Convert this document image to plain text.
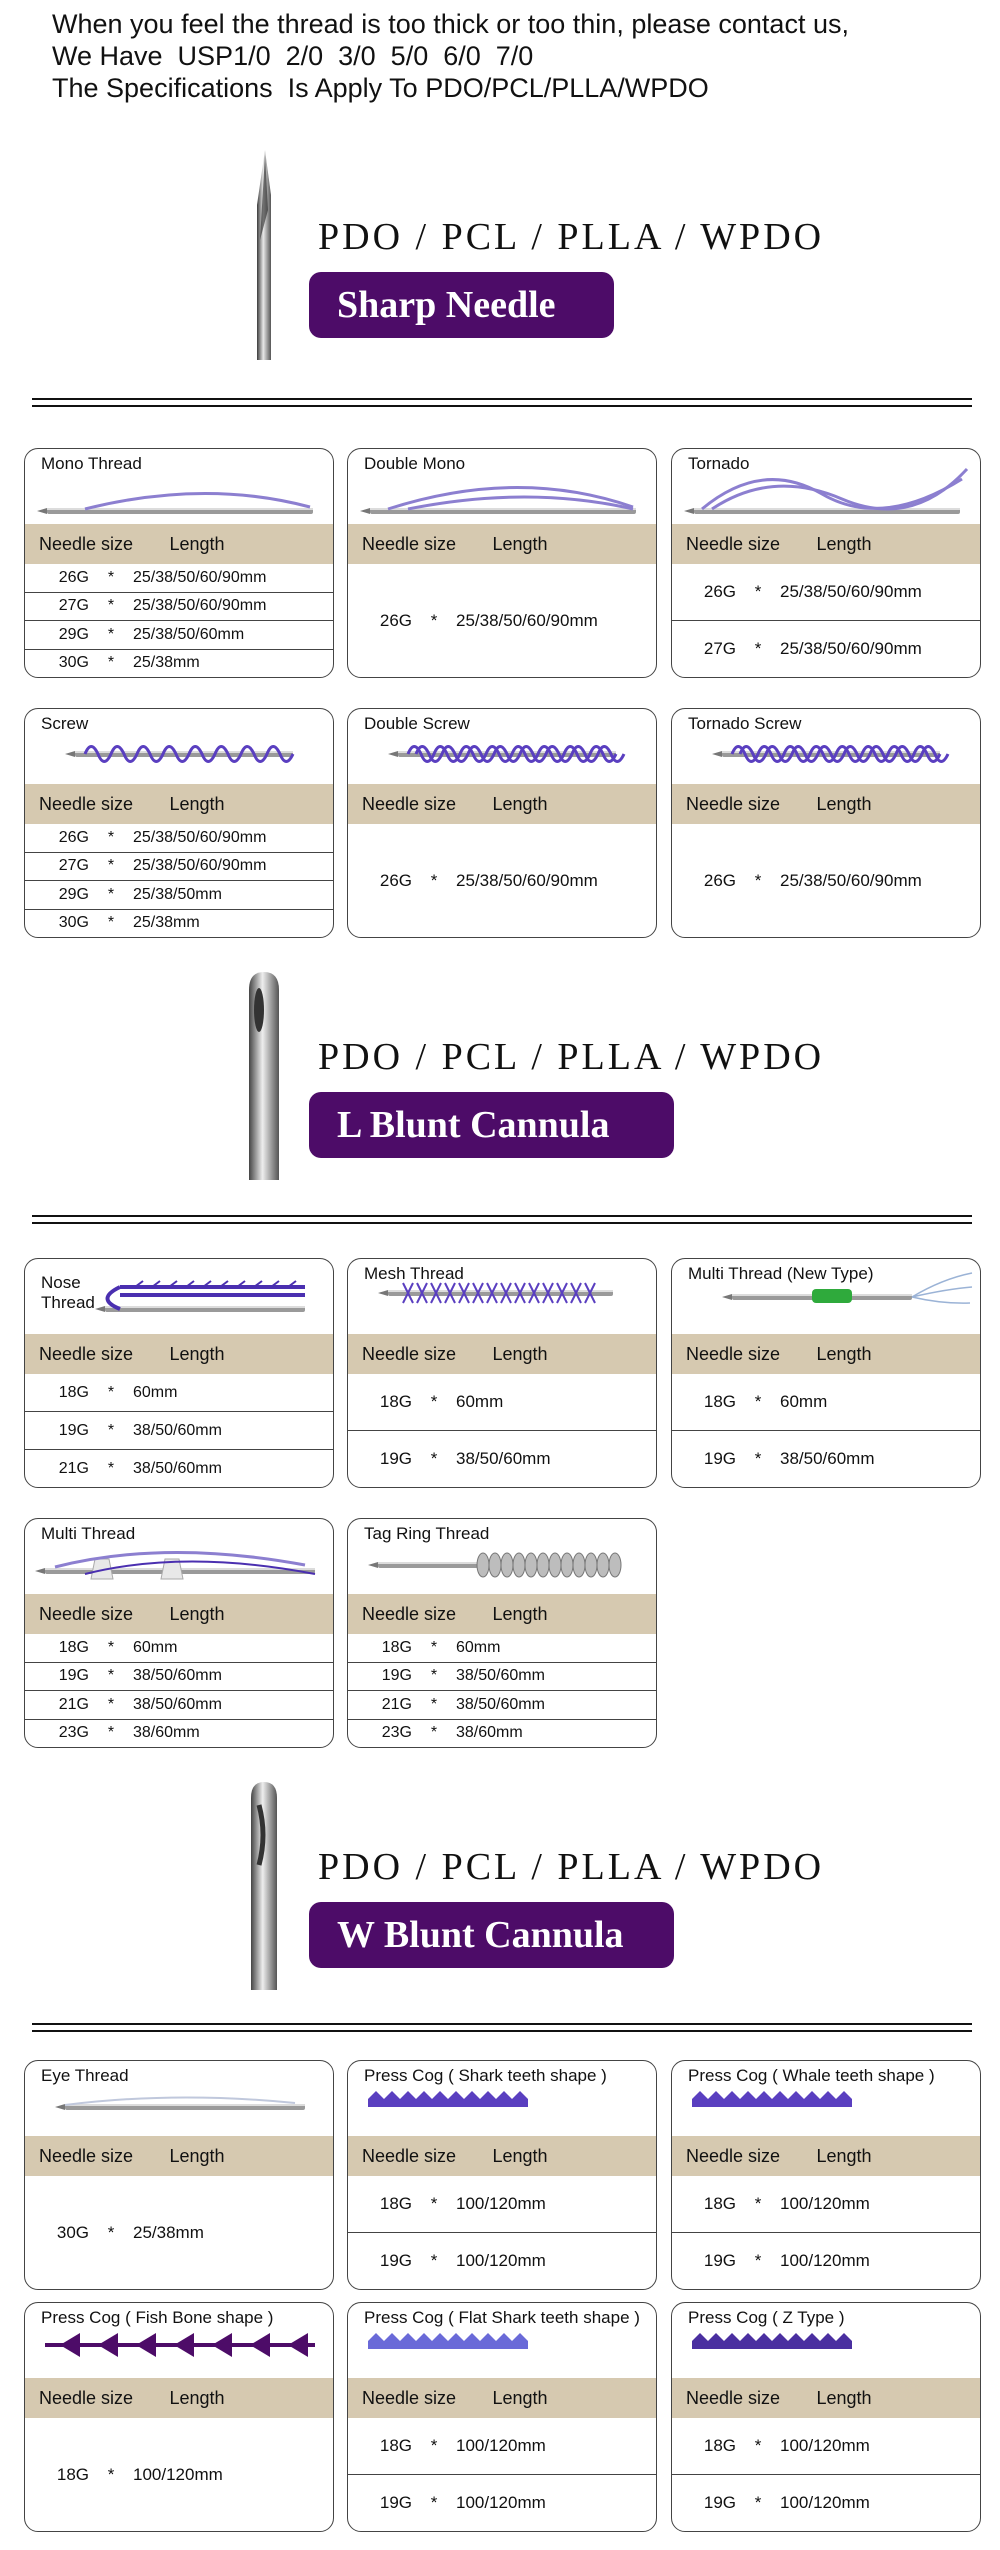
When you feel the thread is too thick or too thin, please contact us,
We Have  USP1/0  2/0  3/0  5/0  6/0  7/0
The Specifications  Is Apply To PDO/PCL/PLLA/WPDO
PDO / PCL / PLLA / WPDO
Sharp Needle
Mono Thread
Needle size Length
26G	*	25/38/50/60/90mm
27G	*	25/38/50/60/90mm
29G	*	25/38/50/60mm
30G	*	25/38mm
Double Mono
Needle size Length
26G	*	25/38/50/60/90mm
Tornado
Needle size Length
26G	*	25/38/50/60/90mm
27G	*	25/38/50/60/90mm
Screw
Needle size Length
26G	*	25/38/50/60/90mm
27G	*	25/38/50/60/90mm
29G	*	25/38/50mm
30G	*	25/38mm
Double Screw
Needle size Length
26G	*	25/38/50/60/90mm
Tornado Screw
Needle size Length
26G	*	25/38/50/60/90mm
PDO / PCL / PLLA / WPDO
L Blunt Cannula
Nose Thread
Needle size Length
18G	*	60mm
19G	*	38/50/60mm
21G	*	38/50/60mm
Mesh Thread
Needle size Length
18G	*	60mm
19G	*	38/50/60mm
Multi Thread (New Type)
Needle size Length
18G	*	60mm
19G	*	38/50/60mm
Multi Thread
Needle size Length
18G	*	60mm
19G	*	38/50/60mm
21G	*	38/50/60mm
23G	*	38/60mm
Tag Ring Thread
Needle size Length
18G	*	60mm
19G	*	38/50/60mm
21G	*	38/50/60mm
23G	*	38/60mm
PDO / PCL / PLLA / WPDO
W Blunt Cannula
Eye Thread
Needle size Length
30G	*	25/38mm
Press Cog ( Shark teeth shape )
Needle size Length
18G	*	100/120mm
19G	*	100/120mm
Press Cog ( Whale teeth shape )
Needle size Length
18G	*	100/120mm
19G	*	100/120mm
Press Cog ( Fish Bone shape )
Needle size Length
18G	*	100/120mm
Press Cog ( Flat Shark teeth shape )
Needle size Length
18G	*	100/120mm
19G	*	100/120mm
Press Cog ( Z Type )
Needle size Length
18G	*	100/120mm
19G	*	100/120mm
